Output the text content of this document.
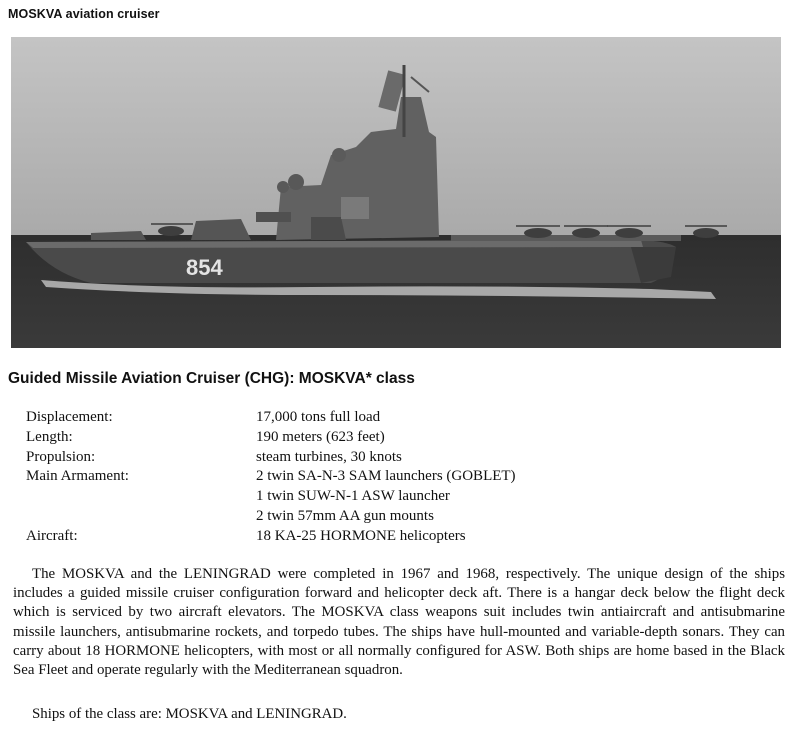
MOSKVA aviation cruiser
854
Guided Missile Aviation Cruiser (CHG): MOSKVA* class
Displacement:	17,000 tons full load
Length:	190 meters (623 feet)
Propulsion:	steam turbines, 30 knots
Main Armament:	2 twin SA-N-3 SAM launchers (GOBLET)
1 twin SUW-N-1 ASW launcher
2 twin 57mm AA gun mounts
Aircraft:	18 KA-25 HORMONE helicopters

The MOSKVA and the LENINGRAD were completed in 1967 and 1968, respectively. The unique design of the ships includes a guided missile cruiser configuration forward and helicopter deck aft. There is a hangar deck below the flight deck which is serviced by two aircraft elevators. The MOSKVA class weapons suit includes twin antiaircraft and antisubmarine missile launchers, antisubmarine rockets, and torpedo tubes. The ships have hull-mounted and variable-depth sonars. They can carry about 18 HORMONE helicopters, with most or all normally configured for ASW. Both ships are home based in the Black Sea Fleet and operate regularly with the Mediterranean squadron.

Ships of the class are: MOSKVA and LENINGRAD.
